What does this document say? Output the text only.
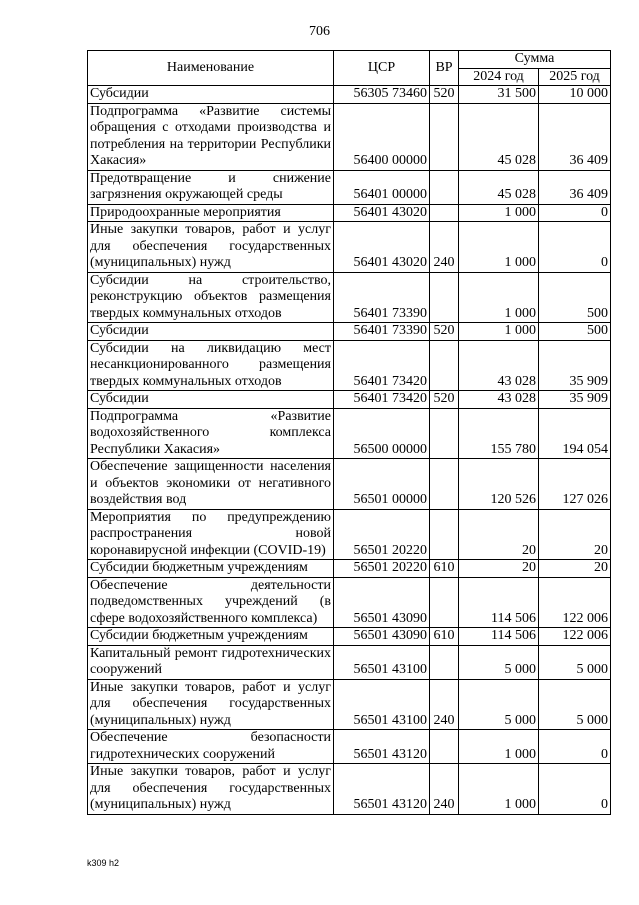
706
Наименование	ЦСР	ВР	Сумма	
			2024 год	2025 год
Субсидии	56305 73460	520	31 500	10 000
Подпрограмма «Развитие системы обращения с отходами производства и потребления на территории Республики Хакасия»	56400 00000		45 028	36 409
Предотвращение и снижение загрязнения окружающей среды	56401 00000		45 028	36 409
Природоохранные мероприятия	56401 43020		1 000	0
Иные закупки товаров, работ и услуг для обеспечения государственных (муниципальных) нужд	56401 43020	240	1 000	0
Субсидии на строительство, реконструкцию объектов размещения твердых коммунальных отходов	56401 73390		1 000	500
Субсидии	56401 73390	520	1 000	500
Субсидии на ликвидацию мест несанкционированного размещения твердых коммунальных отходов	56401 73420		43 028	35 909
Субсидии	56401 73420	520	43 028	35 909
Подпрограмма «Развитие водохозяйственного комплекса Республики Хакасия»	56500 00000		155 780	194 054
Обеспечение защищенности населения и объектов экономики от негативного воздействия вод	56501 00000		120 526	127 026
Мероприятия по предупреждению распространения новой коронавирусной инфекции (COVID-19)	56501 20220		20	20
Субсидии бюджетным учреждениям	56501 20220	610	20	20
Обеспечение деятельности подведомственных учреждений (в сфере водохозяйственного комплекса)	56501 43090		114 506	122 006
Субсидии бюджетным учреждениям	56501 43090	610	114 506	122 006
Капитальный ремонт гидротехнических сооружений	56501 43100		5 000	5 000
Иные закупки товаров, работ и услуг для обеспечения государственных (муниципальных) нужд	56501 43100	240	5 000	5 000
Обеспечение безопасности гидротехнических сооружений	56501 43120		1 000	0
Иные закупки товаров, работ и услуг для обеспечения государственных (муниципальных) нужд	56501 43120	240	1 000	0
k309 h2
